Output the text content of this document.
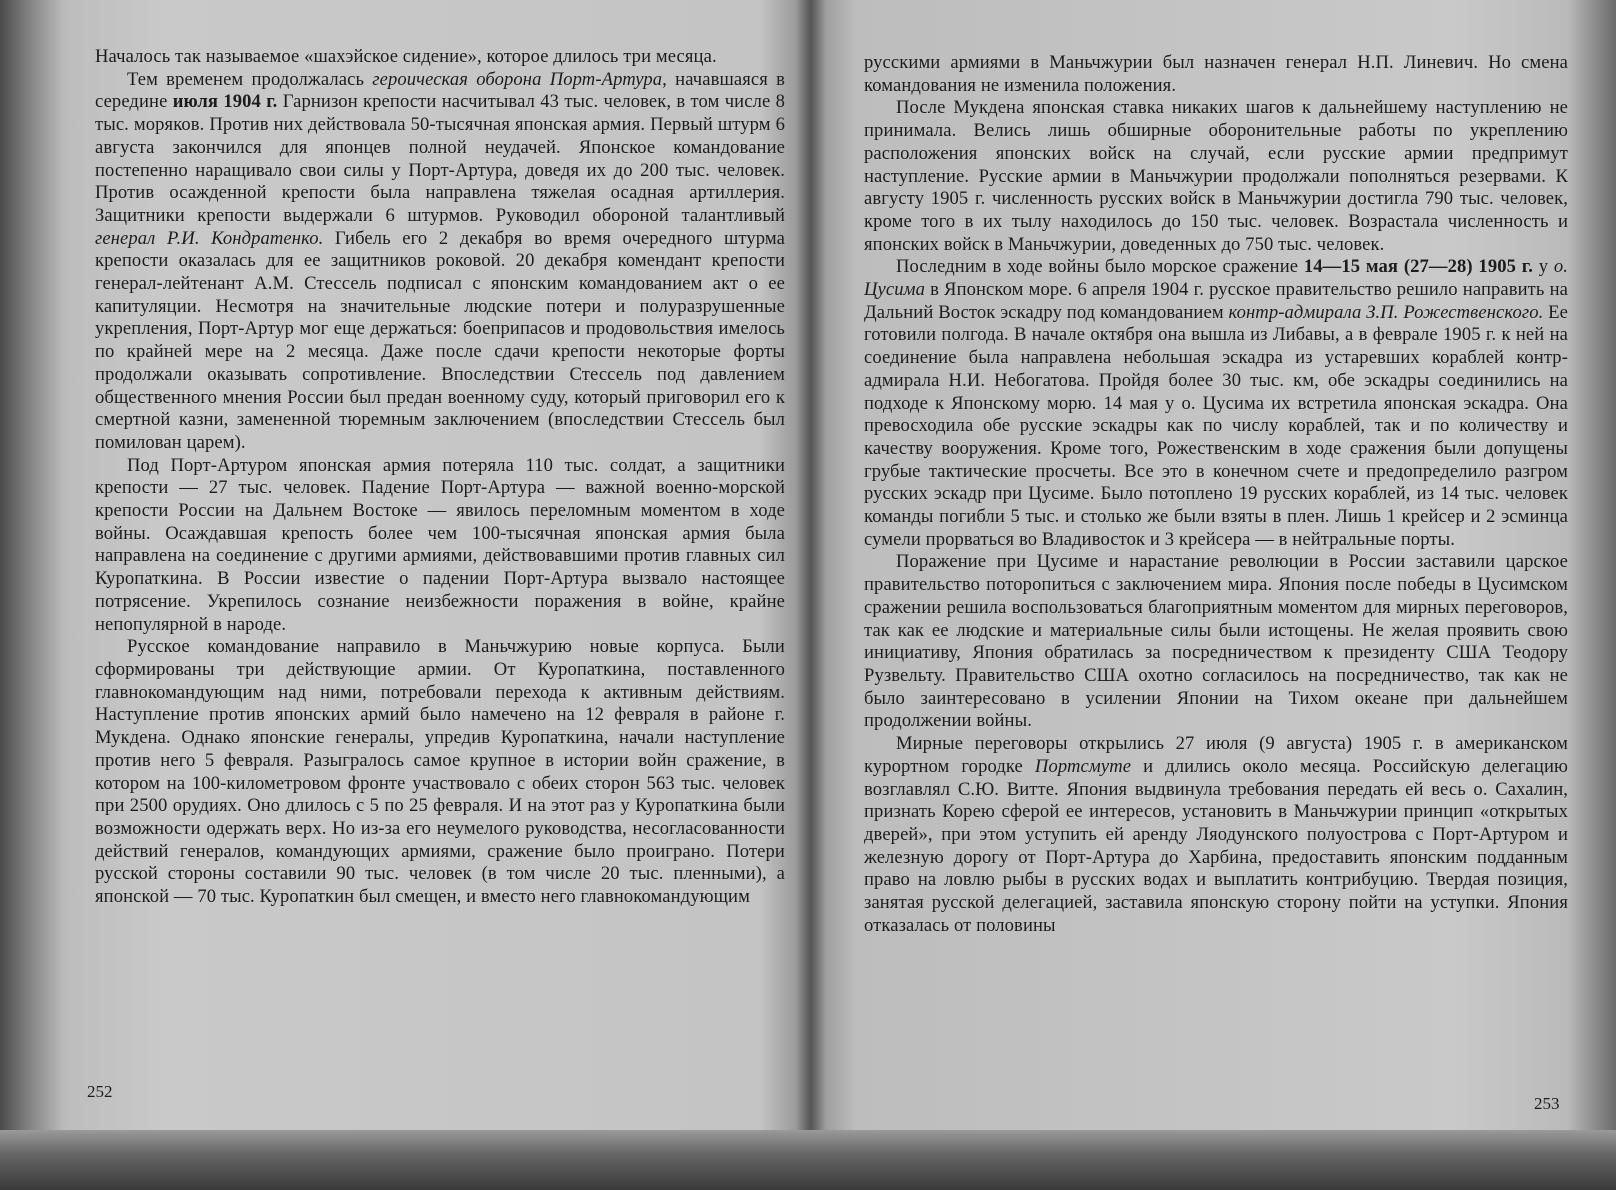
Началось так называемое «шахэйское сидение», которое длилось три месяца.

Тем временем продолжалась героическая оборона Порт-Артура, начавшаяся в середине июля 1904 г. Гарнизон крепости насчитывал 43 тыс. человек, в том числе 8 тыс. моряков. Против них действовала 50-тысячная японская армия. Первый штурм 6 августа закончился для японцев полной неудачей. Японское командование постепенно наращивало свои силы у Порт-Артура, доведя их до 200 тыс. человек. Против осажденной крепости была направлена тяжелая осадная артиллерия. Защитники крепости выдержали 6 штурмов. Руководил обороной талантливый генерал Р.И. Кондратенко. Гибель его 2 декабря во время очередного штурма крепости оказалась для ее защитников роковой. 20 декабря комендант крепости генерал-лейтенант А.М. Стессель подписал с японским командованием акт о ее капитуляции. Несмотря на значительные людские потери и полуразрушенные укрепления, Порт-Артур мог еще держаться: боеприпасов и продовольствия имелось по крайней мере на 2 месяца. Даже после сдачи крепости некоторые форты продолжали оказывать сопротивление. Впоследствии Стессель под давлением общественного мнения России был предан военному суду, который приговорил его к смертной казни, замененной тюремным заключением (впоследствии Стессель был помилован царем).

Под Порт-Артуром японская армия потеряла 110 тыс. солдат, а защитники крепости — 27 тыс. человек. Падение Порт-Артура — важной военно-морской крепости России на Дальнем Востоке — явилось переломным моментом в ходе войны. Осаждавшая крепость более чем 100-тысячная японская армия была направлена на соединение с другими армиями, действовавшими против главных сил Куропаткина. В России известие о падении Порт-Артура вызвало настоящее потрясение. Укрепилось сознание неизбежности поражения в войне, крайне непопулярной в народе.

Русское командование направило в Маньчжурию новые корпуса. Были сформированы три действующие армии. От Куропаткина, поставленного главнокомандующим над ними, потребовали перехода к активным действиям. Наступление против японских армий было намечено на 12 февраля в районе г. Мукдена. Однако японские генералы, упредив Куропаткина, начали наступление против него 5 февраля. Разыгралось самое крупное в истории войн сражение, в котором на 100-километровом фронте участвовало с обеих сторон 563 тыс. человек при 2500 орудиях. Оно длилось с 5 по 25 февраля. И на этот раз у Куропаткина были возможности одержать верх. Но из-за его неумелого руководства, несогласованности действий генералов, командующих армиями, сражение было проиграно. Потери русской стороны составили 90 тыс. человек (в том числе 20 тыс. пленными), а японской — 70 тыс. Куропаткин был смещен, и вместо него главнокомандующим

252

русскими армиями в Маньчжурии был назначен генерал Н.П. Линевич. Но смена командования не изменила положения.

После Мукдена японская ставка никаких шагов к дальнейшему наступлению не принимала. Велись лишь обширные оборонительные работы по укреплению расположения японских войск на случай, если русские армии предпримут наступление. Русские армии в Маньчжурии продолжали пополняться резервами. К августу 1905 г. численность русских войск в Маньчжурии достигла 790 тыс. человек, кроме того в их тылу находилось до 150 тыс. человек. Возрастала численность и японских войск в Маньчжурии, доведенных до 750 тыс. человек.

Последним в ходе войны было морское сражение 14—15 мая (27—28) 1905 г. у о. Цусима в Японском море. 6 апреля 1904 г. русское правительство решило направить на Дальний Восток эскадру под командованием контр-адмирала З.П. Рожественского. Ее готовили полгода. В начале октября она вышла из Либавы, а в феврале 1905 г. к ней на соединение была направлена небольшая эскадра из устаревших кораблей контр-адмирала Н.И. Небогатова. Пройдя более 30 тыс. км, обе эскадры соединились на подходе к Японскому морю. 14 мая у о. Цусима их встретила японская эскадра. Она превосходила обе русские эскадры как по числу кораблей, так и по количеству и качеству вооружения. Кроме того, Рожественским в ходе сражения были допущены грубые тактические просчеты. Все это в конечном счете и предопределило разгром русских эскадр при Цусиме. Было потоплено 19 русских кораблей, из 14 тыс. человек команды погибли 5 тыс. и столько же были взяты в плен. Лишь 1 крейсер и 2 эсминца сумели прорваться во Владивосток и 3 крейсера — в нейтральные порты.

Поражение при Цусиме и нарастание революции в России заставили царское правительство поторопиться с заключением мира. Япония после победы в Цусимском сражении решила воспользоваться благоприятным моментом для мирных переговоров, так как ее людские и материальные силы были истощены. Не желая проявить свою инициативу, Япония обратилась за посредничеством к президенту США Теодору Рузвельту. Правительство США охотно согласилось на посредничество, так как не было заинтересовано в усилении Японии на Тихом океане при дальнейшем продолжении войны.

Мирные переговоры открылись 27 июля (9 августа) 1905 г. в американском курортном городке Портсмуте и длились около месяца. Российскую делегацию возглавлял С.Ю. Витте. Япония выдвинула требования передать ей весь о. Сахалин, признать Корею сферой ее интересов, установить в Маньчжурии принцип «открытых дверей», при этом уступить ей аренду Ляодунского полуострова с Порт-Артуром и железную дорогу от Порт-Артура до Харбина, предоставить японским подданным право на ловлю рыбы в русских водах и выплатить контрибуцию. Твердая позиция, занятая русской делегацией, заставила японскую сторону пойти на уступки. Япония отказалась от половины

253
